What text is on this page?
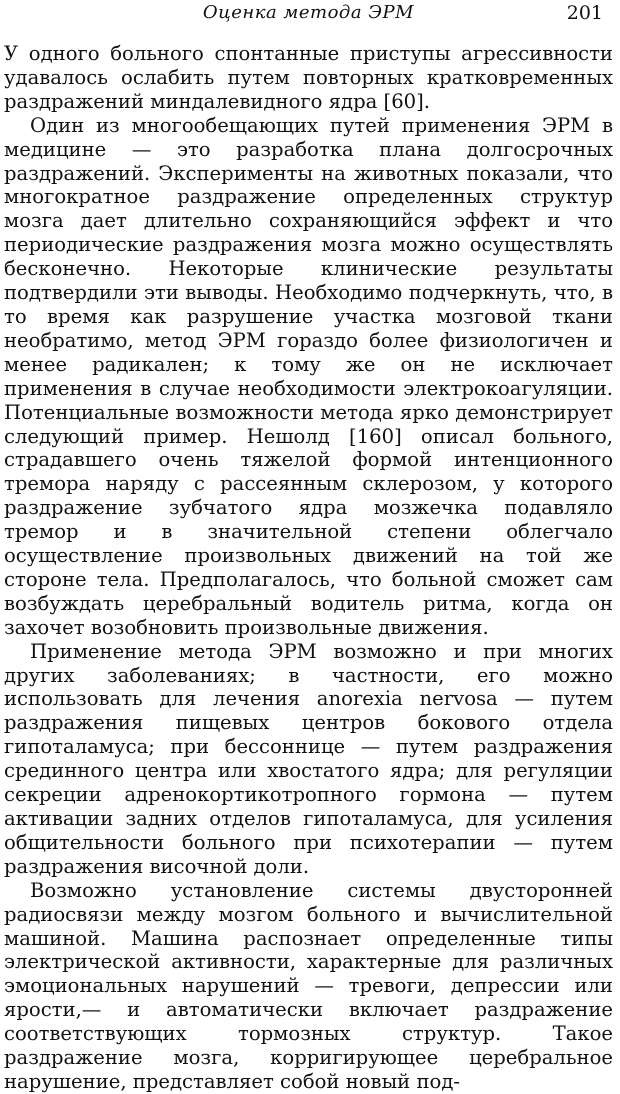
Оценка метода ЭРМ	201

У одного больного спонтанные приступы агрессивности удавалось ослабить путем повторных кратковременных раздражений миндалевидного ядра [60].

Один из многообещающих путей применения ЭРМ в медицине — это разработка плана долгосрочных раздражений. Эксперименты на животных показали, что многократное раздражение определенных структур мозга дает длительно сохраняющийся эффект и что периодические раздражения мозга можно осуществлять бесконечно. Некоторые клинические результаты подтвердили эти выводы. Необходимо подчеркнуть, что, в то время как разрушение участка мозговой ткани необратимо, метод ЭРМ гораздо более физиологичен и менее радикален; к тому же он не исключает применения в случае необходимости электрокоагуляции. Потенциальные возможности метода ярко демонстрирует следующий пример. Нешолд [160] описал больного, страдавшего очень тяжелой формой интенционного тремора наряду с рассеянным склерозом, у которого раздражение зубчатого ядра мозжечка подавляло тремор и в значительной степени облегчало осуществление произвольных движений на той же стороне тела. Предполагалось, что больной сможет сам возбуждать церебральный водитель ритма, когда он захочет возобновить произвольные движения.

Применение метода ЭРМ возможно и при многих других заболеваниях; в частности, его можно использовать для лечения anorexia nervosa — путем раздражения пищевых центров бокового отдела гипоталамуса; при бессоннице — путем раздражения срединного центра или хвостатого ядра; для регуляции секреции адренокортикотропного гормона — путем активации задних отделов гипоталамуса, для усиления общительности больного при психотерапии — путем раздражения височной доли.

Возможно установление системы двусторонней радиосвязи между мозгом больного и вычислительной машиной. Машина распознает определенные типы электрической активности, характерные для различных эмоциональных нарушений — тревоги, депрессии или ярости,— и автоматически включает раздражение соответствующих тормозных структур. Такое раздражение мозга, корригирующее церебральное нарушение, представляет собой новый под-
